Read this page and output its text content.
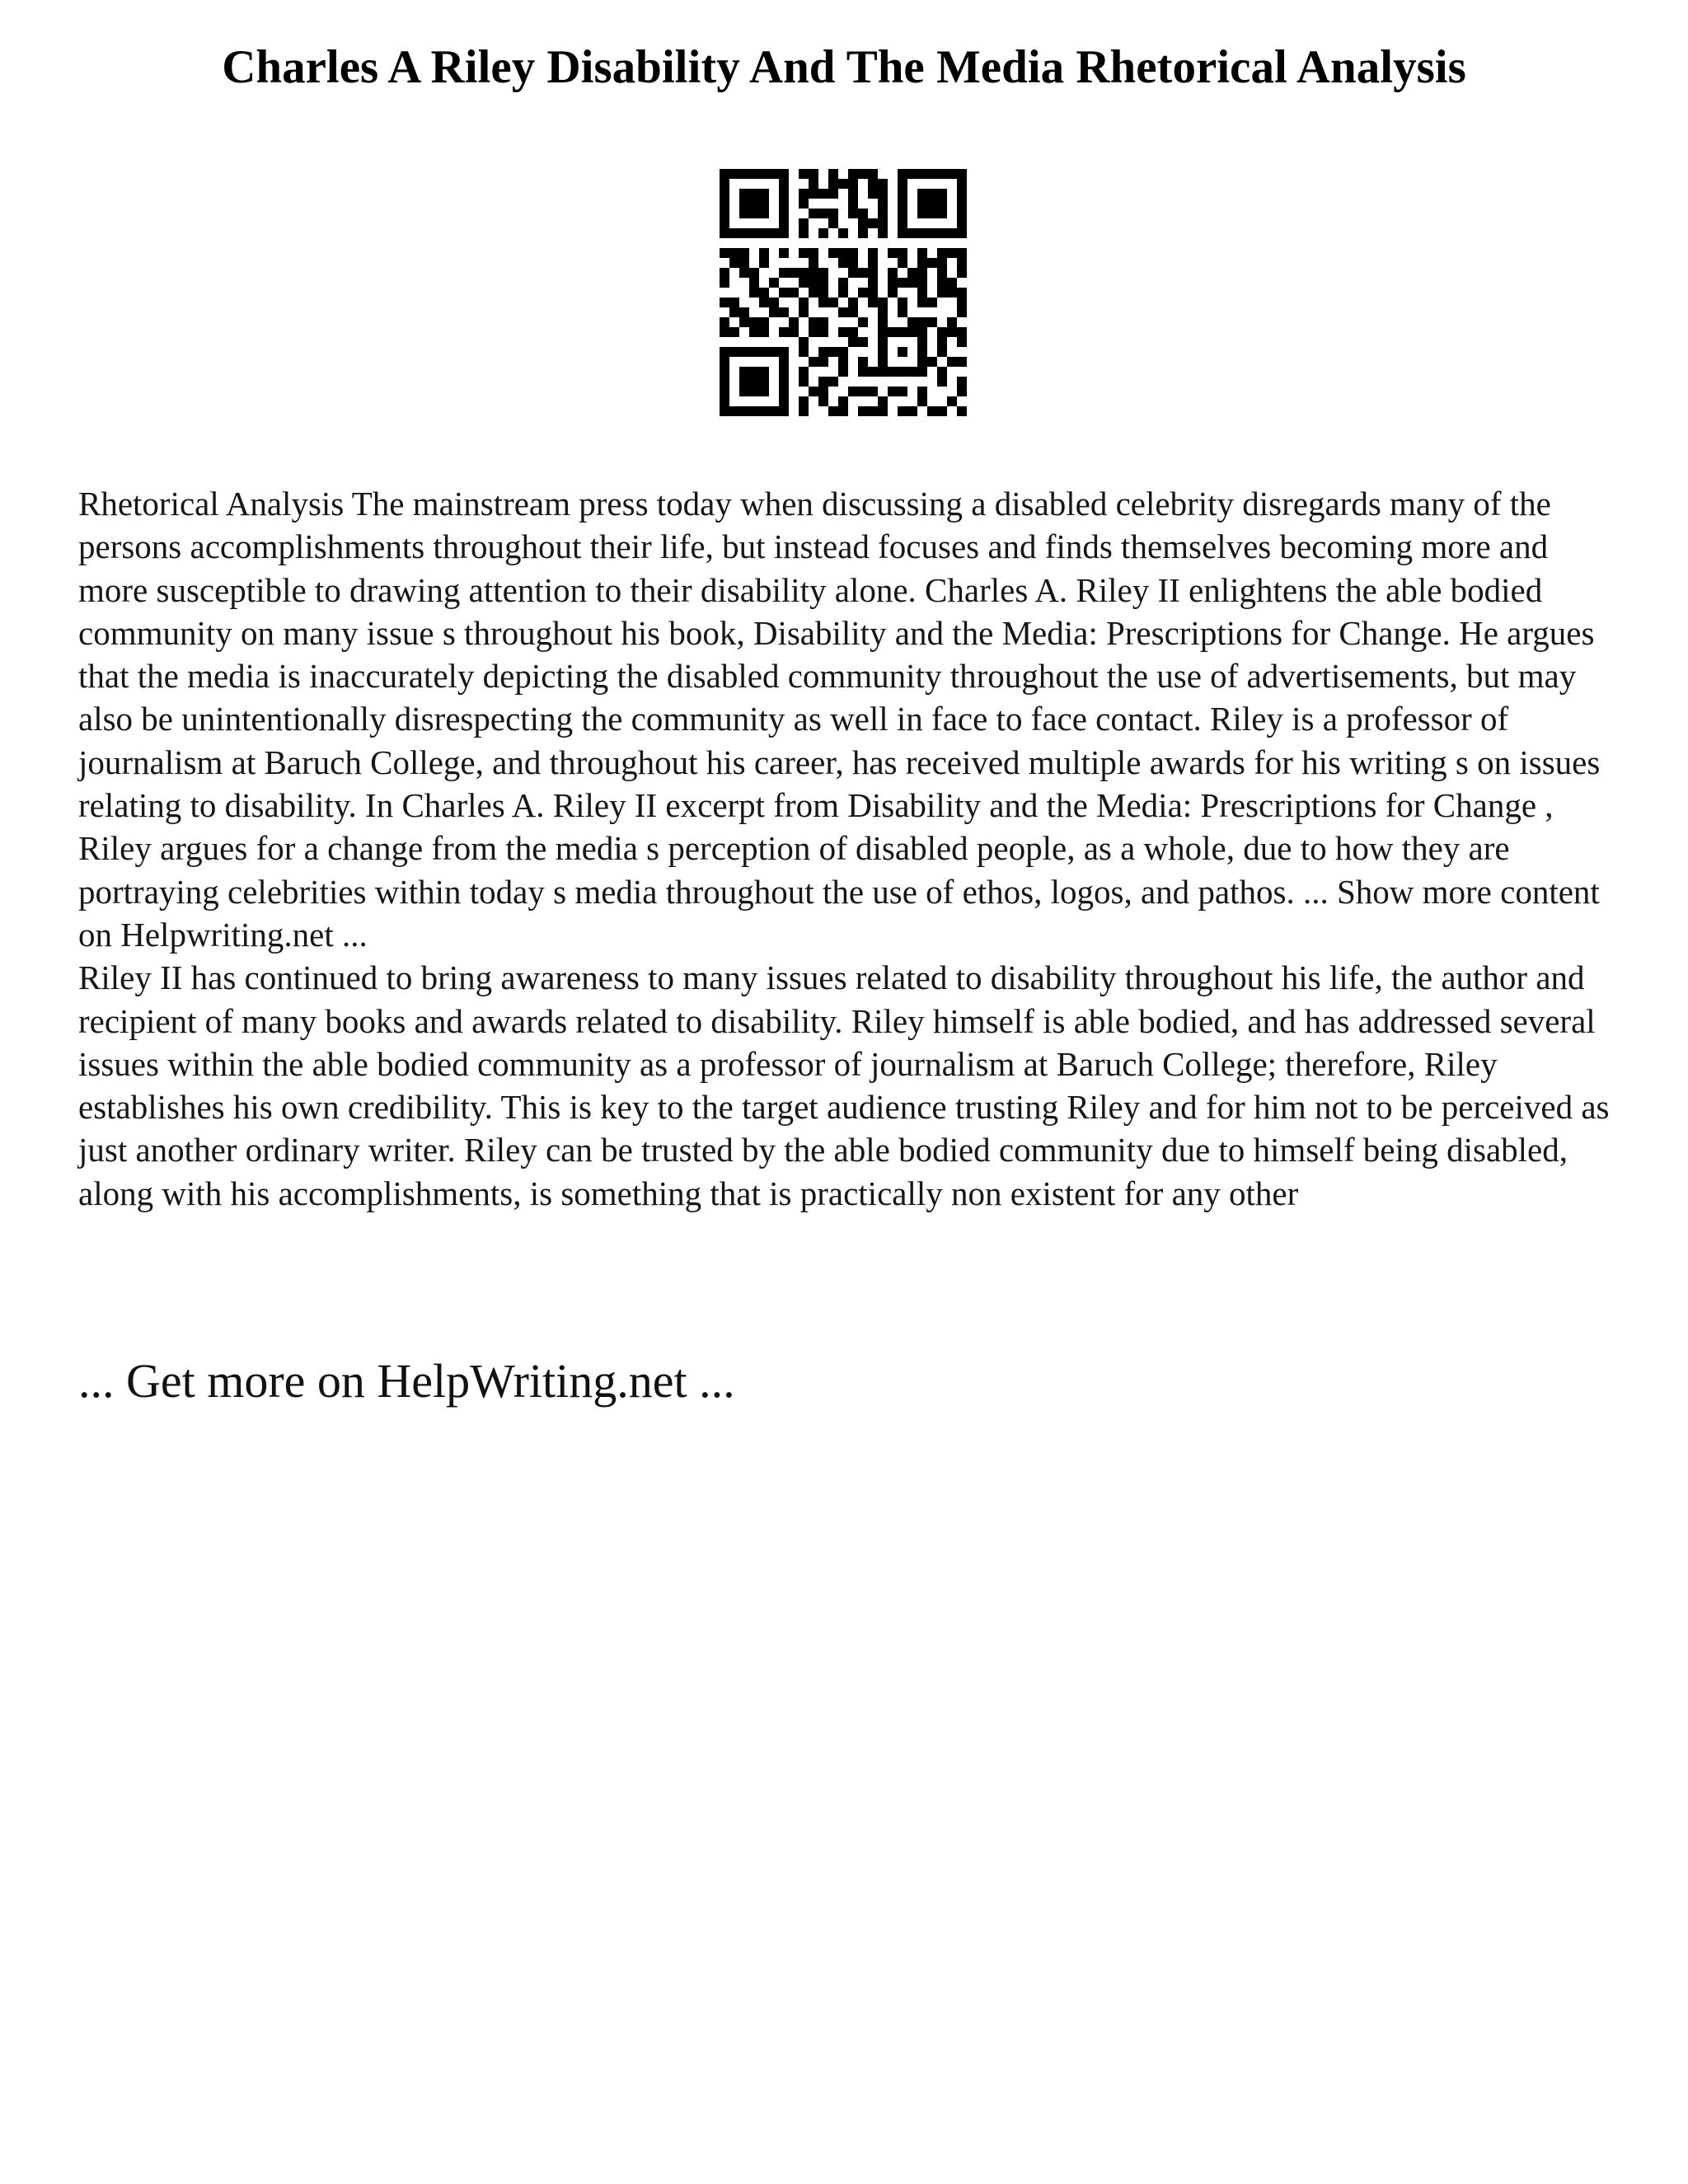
Charles A Riley Disability And The Media Rhetorical Analysis

Rhetorical Analysis The mainstream press today when discussing a disabled celebrity disregards many of the persons accomplishments throughout their life, but instead focuses and finds themselves becoming more and more susceptible to drawing attention to their disability alone. Charles A. Riley II enlightens the able bodied community on many issue s throughout his book, Disability and the Media: Prescriptions for Change. He argues that the media is inaccurately depicting the disabled community throughout the use of advertisements, but may also be unintentionally disrespecting the community as well in face to face contact. Riley is a professor of journalism at Baruch College, and throughout his career, has received multiple awards for his writing s on issues relating to disability. In Charles A. Riley II excerpt from Disability and the Media: Prescriptions for Change , Riley argues for a change from the media s perception of disabled people, as a whole, due to how they are portraying celebrities within today s media throughout the use of ethos, logos, and pathos. ... Show more content on Helpwriting.net ...

Riley II has continued to bring awareness to many issues related to disability throughout his life, the author and recipient of many books and awards related to disability. Riley himself is able bodied, and has addressed several issues within the able bodied community as a professor of journalism at Baruch College; therefore, Riley establishes his own credibility. This is key to the target audience trusting Riley and for him not to be perceived as just another ordinary writer. Riley can be trusted by the able bodied community due to himself being disabled, along with his accomplishments, is something that is practically non existent for any other

... Get more on HelpWriting.net ...
